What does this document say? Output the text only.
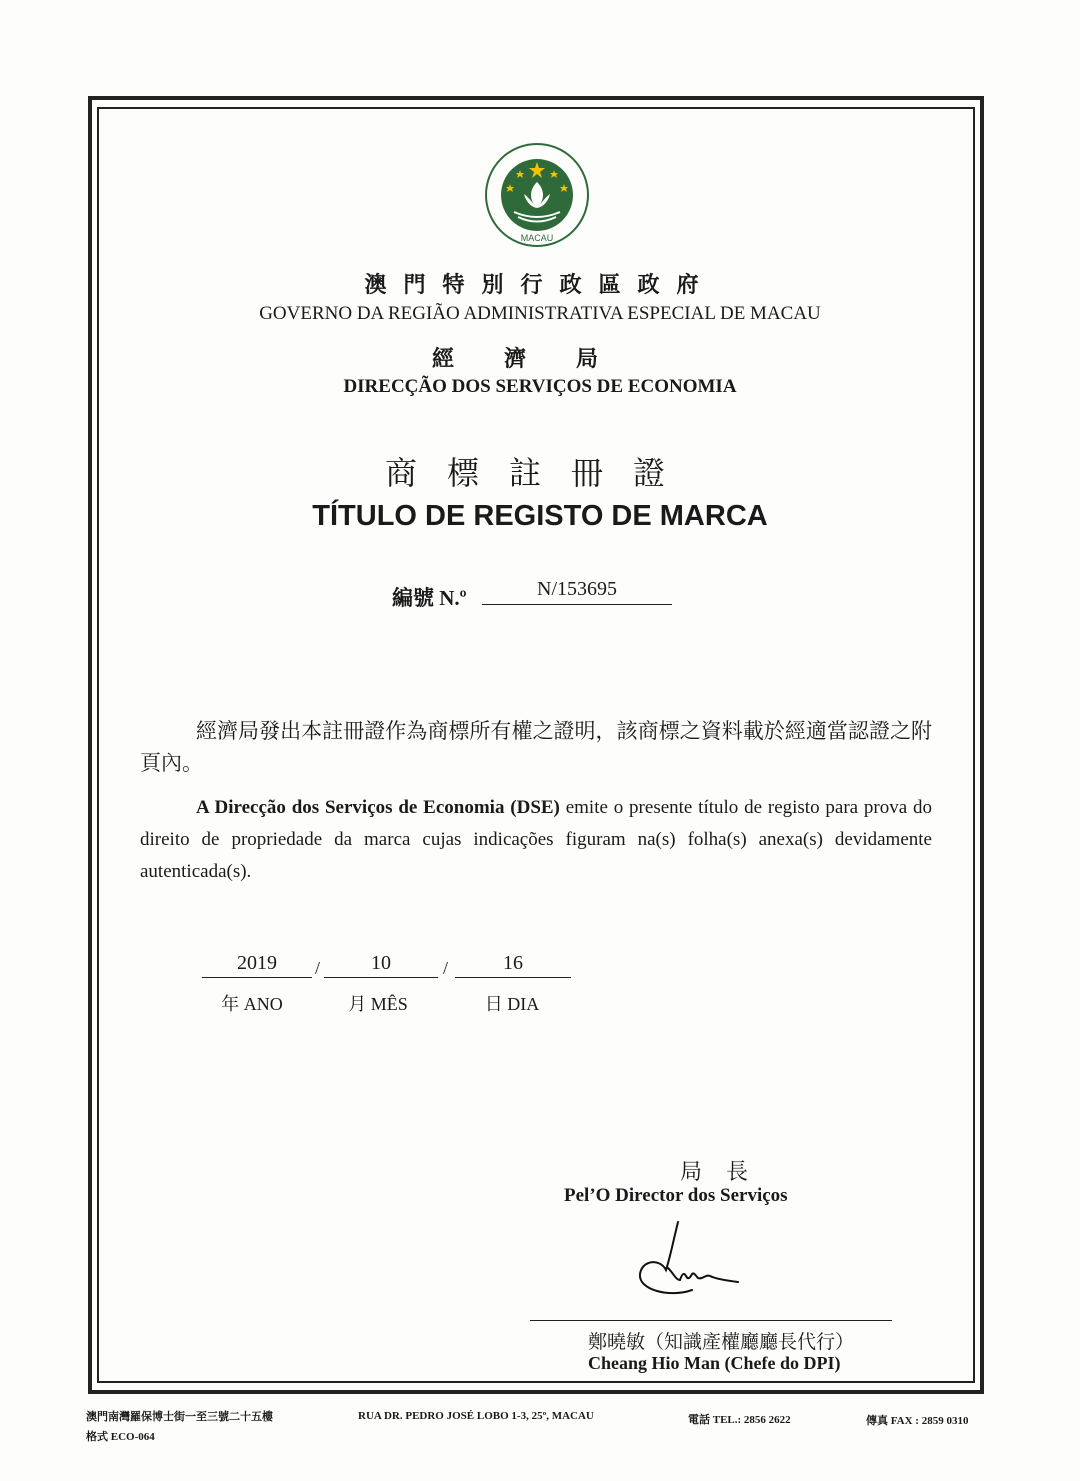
MACAU
澳門特別行政區政府
GOVERNO DA REGIÃO ADMINISTRATIVA ESPECIAL DE MACAU
經濟局
DIRECÇÃO DOS SERVIÇOS DE ECONOMIA
商標註冊證
TÍTULO DE REGISTO DE MARCA
編號 N.º	N/153695
經濟局發出本註冊證作為商標所有權之證明，該商標之資料載於經適當認證之附頁內。
A Direcção dos Serviços de Economia (DSE) emite o presente título de registo para prova do direito de propriedade da marca cujas indicações figuram na(s) folha(s) anexa(s) devidamente autenticada(s).
2019	/	10	/	16
年 ANO	月 MÊS	日 DIA
局長
Pel’O Director dos Serviços
鄭曉敏（知識產權廳廳長代行）
Cheang Hio Man (Chefe do DPI)
澳門南灣羅保博士街一至三號二十五樓
格式 ECO-064
RUA DR. PEDRO JOSÉ LOBO 1-3, 25º, MACAU	電話 TEL.: 2856 2622	傳真 FAX : 2859 0310
